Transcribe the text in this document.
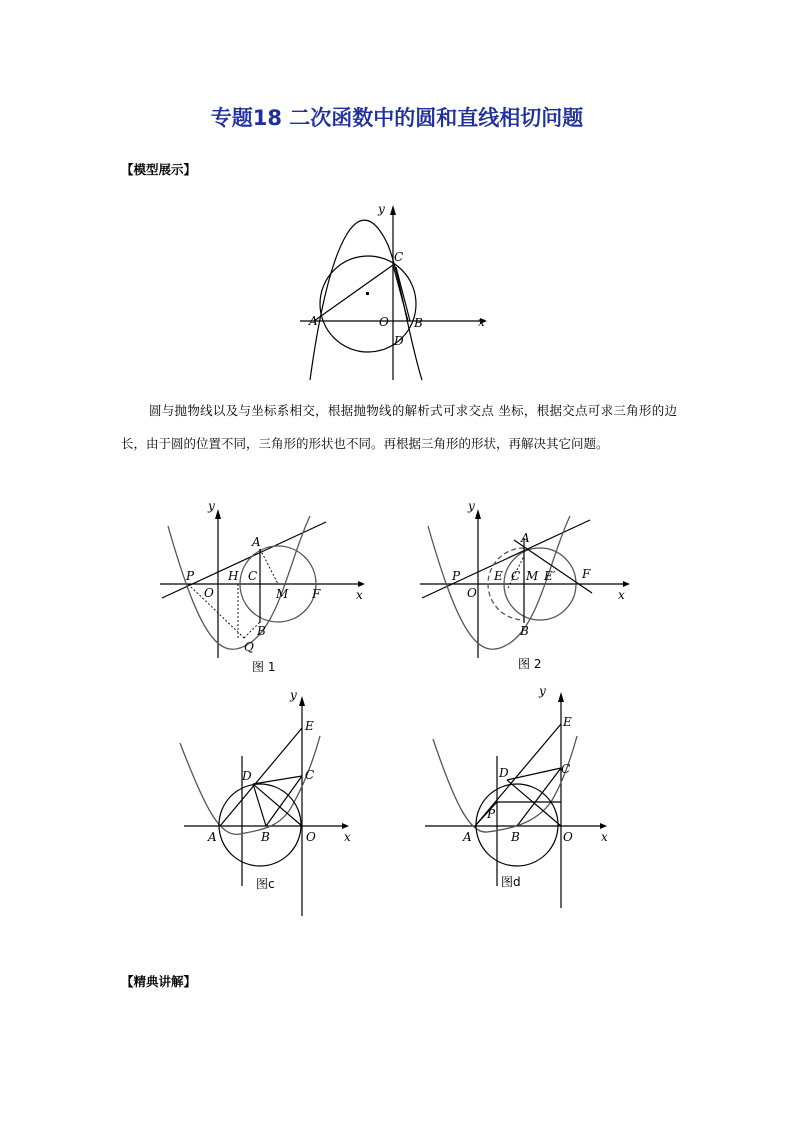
专题18 二次函数中的圆和直线相切问题
【模型展示】
y
x
A	O B
C
D
圆与抛物线以及与坐标系相交，根据抛物线的解析式可求交点 坐标，根据交点可求三角形的边长，由于圆的位置不同，三角形的形状也不同。再根据三角形的形状，再解决其它问题。
y
x
P
O
H C
A
M F
B
Q
图 1
y
x
P
O
E C M E′ F
A
B
图 2
y
x
E
D	C
A	B	O
图c
y
x
E
D	C
P
A	B	O
图d
【精典讲解】
